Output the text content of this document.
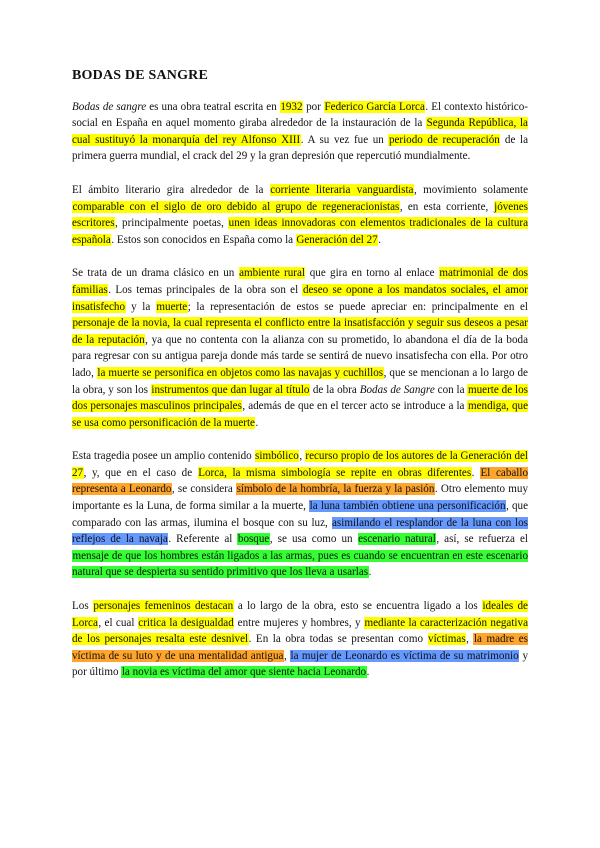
BODAS DE SANGRE

Bodas de sangre es una obra teatral escrita en 1932 por Federico García Lorca. El contexto histórico-social en España en aquel momento giraba alrededor de la instauración de la Segunda República, la cual sustituyó la monarquía del rey Alfonso XIII. A su vez fue un periodo de recuperación de la primera guerra mundial, el crack del 29 y la gran depresión que repercutió mundialmente.

El ámbito literario gira alrededor de la corriente literaria vanguardista, movimiento solamente comparable con el siglo de oro debido al grupo de regeneracionistas, en esta corriente, jóvenes escritores, principalmente poetas, unen ideas innovadoras con elementos tradicionales de la cultura española. Estos son conocidos en España como la Generación del 27.

Se trata de un drama clásico en un ambiente rural que gira en torno al enlace matrimonial de dos familias. Los temas principales de la obra son el deseo se opone a los mandatos sociales, el amor insatisfecho y la muerte; la representación de estos se puede apreciar en: principalmente en el personaje de la novia, la cual representa el conflicto entre la insatisfacción y seguir sus deseos a pesar de la reputación, ya que no contenta con la alianza con su prometido, lo abandona el día de la boda para regresar con su antigua pareja donde más tarde se sentirá de nuevo insatisfecha con ella. Por otro lado, la muerte se personifica en objetos como las navajas y cuchillos, que se mencionan a lo largo de la obra, y son los instrumentos que dan lugar al título de la obra Bodas de Sangre con la muerte de los dos personajes masculinos principales, además de que en el tercer acto se introduce a la mendiga, que se usa como personificación de la muerte.

Esta tragedia posee un amplio contenido simbólico, recurso propio de los autores de la Generación del 27, y, que en el caso de Lorca, la misma simbología se repite en obras diferentes. El caballo representa a Leonardo, se considera símbolo de la hombría, la fuerza y la pasión. Otro elemento muy importante es la Luna, de forma similar a la muerte, la luna también obtiene una personificación, que comparado con las armas, ilumina el bosque con su luz, asimilando el resplandor de la luna con los reflejos de la navaja. Referente al bosque, se usa como un escenario natural, así, se refuerza el mensaje de que los hombres están ligados a las armas, pues es cuando se encuentran en este escenario natural que se despierta su sentido primitivo que los lleva a usarlas.

Los personajes femeninos destacan a lo largo de la obra, esto se encuentra ligado a los ideales de Lorca, el cual critica la desigualdad entre mujeres y hombres, y mediante la caracterización negativa de los personajes resalta este desnivel. En la obra todas se presentan como víctimas, la madre es víctima de su luto y de una mentalidad antigua, la mujer de Leonardo es víctima de su matrimonio y por último la novia es víctima del amor que siente hacia Leonardo.
